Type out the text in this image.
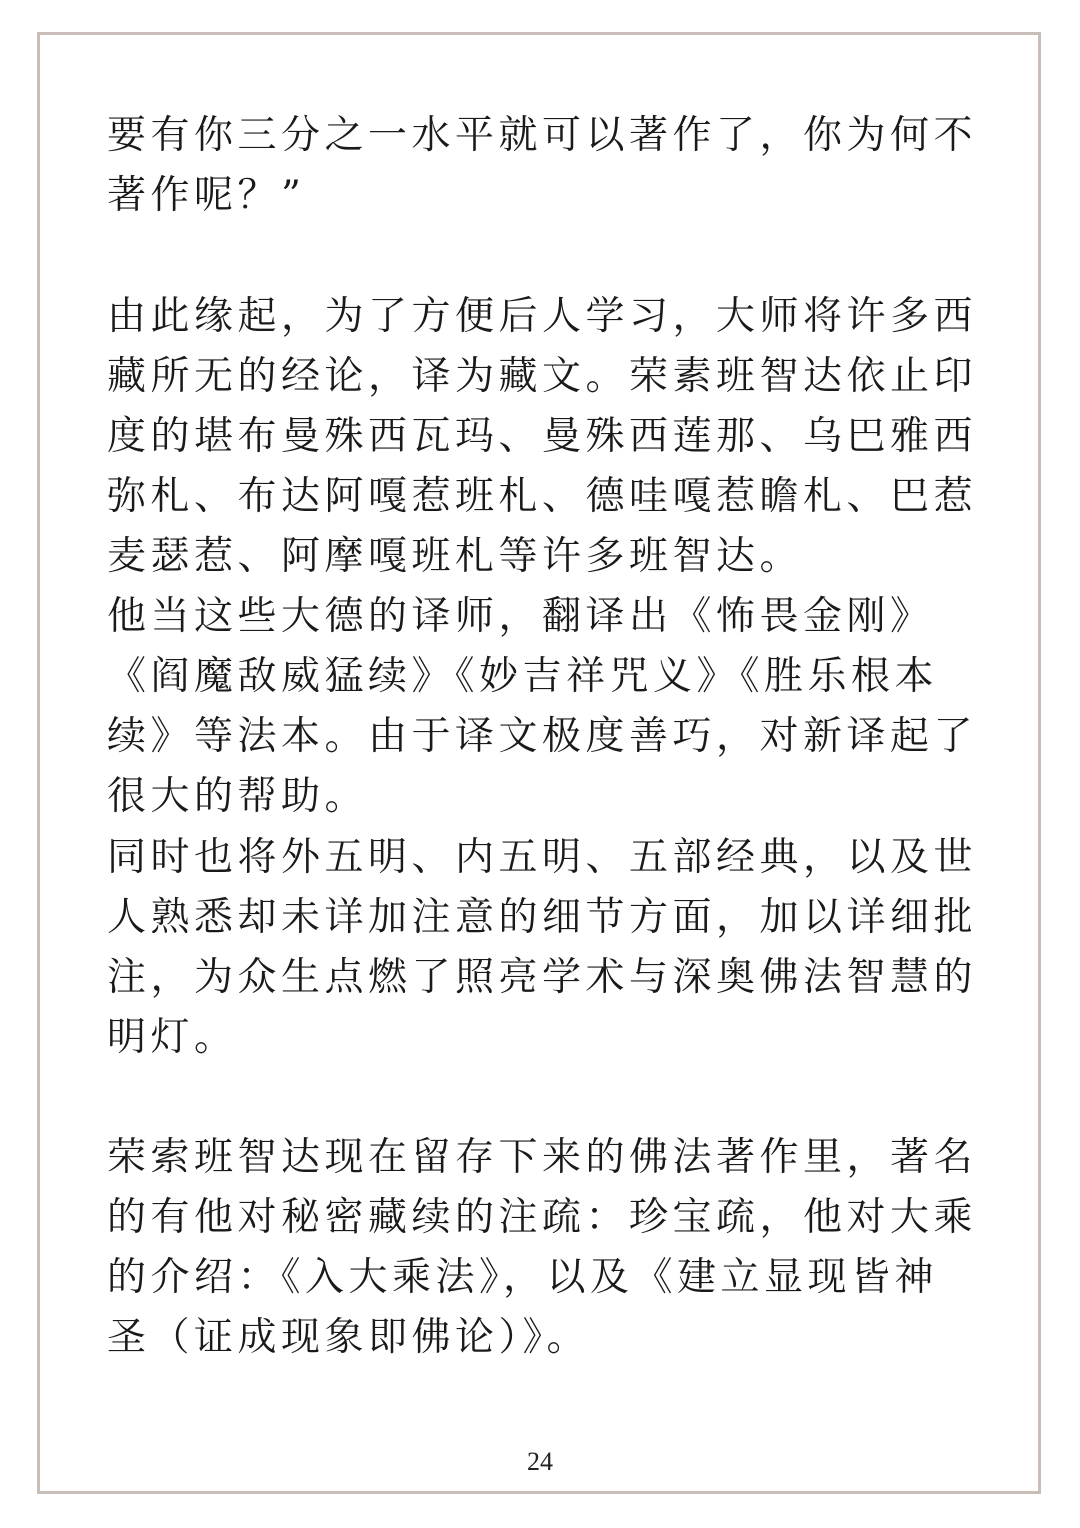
要有你三分之一水平就可以著作了，你为何不
著作呢？”
由此缘起，为了方便后人学习，大师将许多西
藏所无的经论，译为藏文。荣素班智达依止印
度的堪布曼殊西瓦玛、曼殊西莲那、乌巴雅西
弥札、布达阿嘎惹班札、德哇嘎惹瞻札、巴惹
麦瑟惹、阿摩嘎班札等许多班智达。
他当这些大德的译师，翻译出《怖畏金刚》
《阎魔敌威猛续》《妙吉祥咒义》《胜乐根本
续》等法本。由于译文极度善巧，对新译起了
很大的帮助。
同时也将外五明、内五明、五部经典，以及世
人熟悉却未详加注意的细节方面，加以详细批
注，为众生点燃了照亮学术与深奥佛法智慧的
明灯。
荣索班智达现在留存下来的佛法著作里，著名
的有他对秘密藏续的注疏：珍宝疏，他对大乘
的介绍：《入大乘法》，以及《建立显现皆神
圣（证成现象即佛论）》。
24
